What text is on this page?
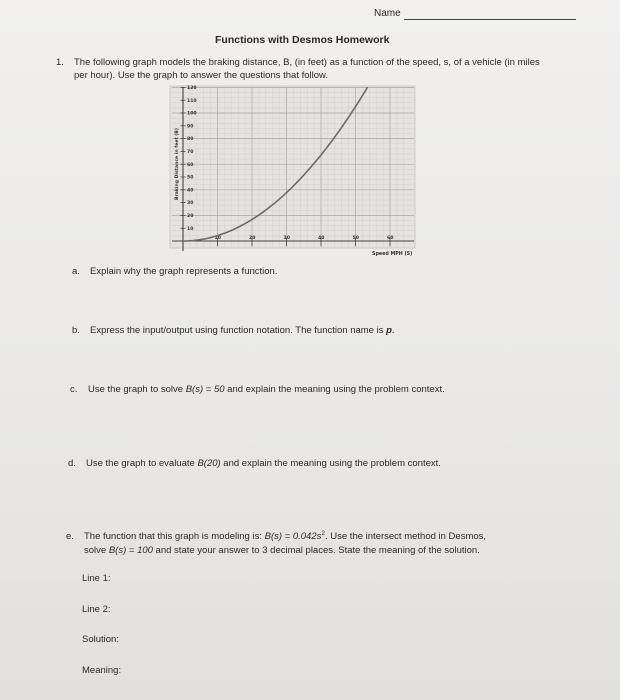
Name
Functions with Desmos Homework
1. The following graph models the braking distance, B, (in feet) as a function of the speed, s, of a vehicle (in miles per hour). Use the graph to answer the questions that follow.
10
20
30
40
50
60
70
80
90
100
110
120
10	20	30	40	50	60
Braking Distance in feet (B)
Speed MPH (S)
a. Explain why the graph represents a function.
b. Express the input/output using function notation. The function name is p.
c. Use the graph to solve B(s) = 50 and explain the meaning using the problem context.
d. Use the graph to evaluate B(20) and explain the meaning using the problem context.
e. The function that this graph is modeling is: $B(s) = 0.042s^2$. Use the intersect method in Desmos,
solve B(s) = 100 and state your answer to 3 decimal places. State the meaning of the solution.
Line 1:
Line 2:
Solution:
Meaning:
